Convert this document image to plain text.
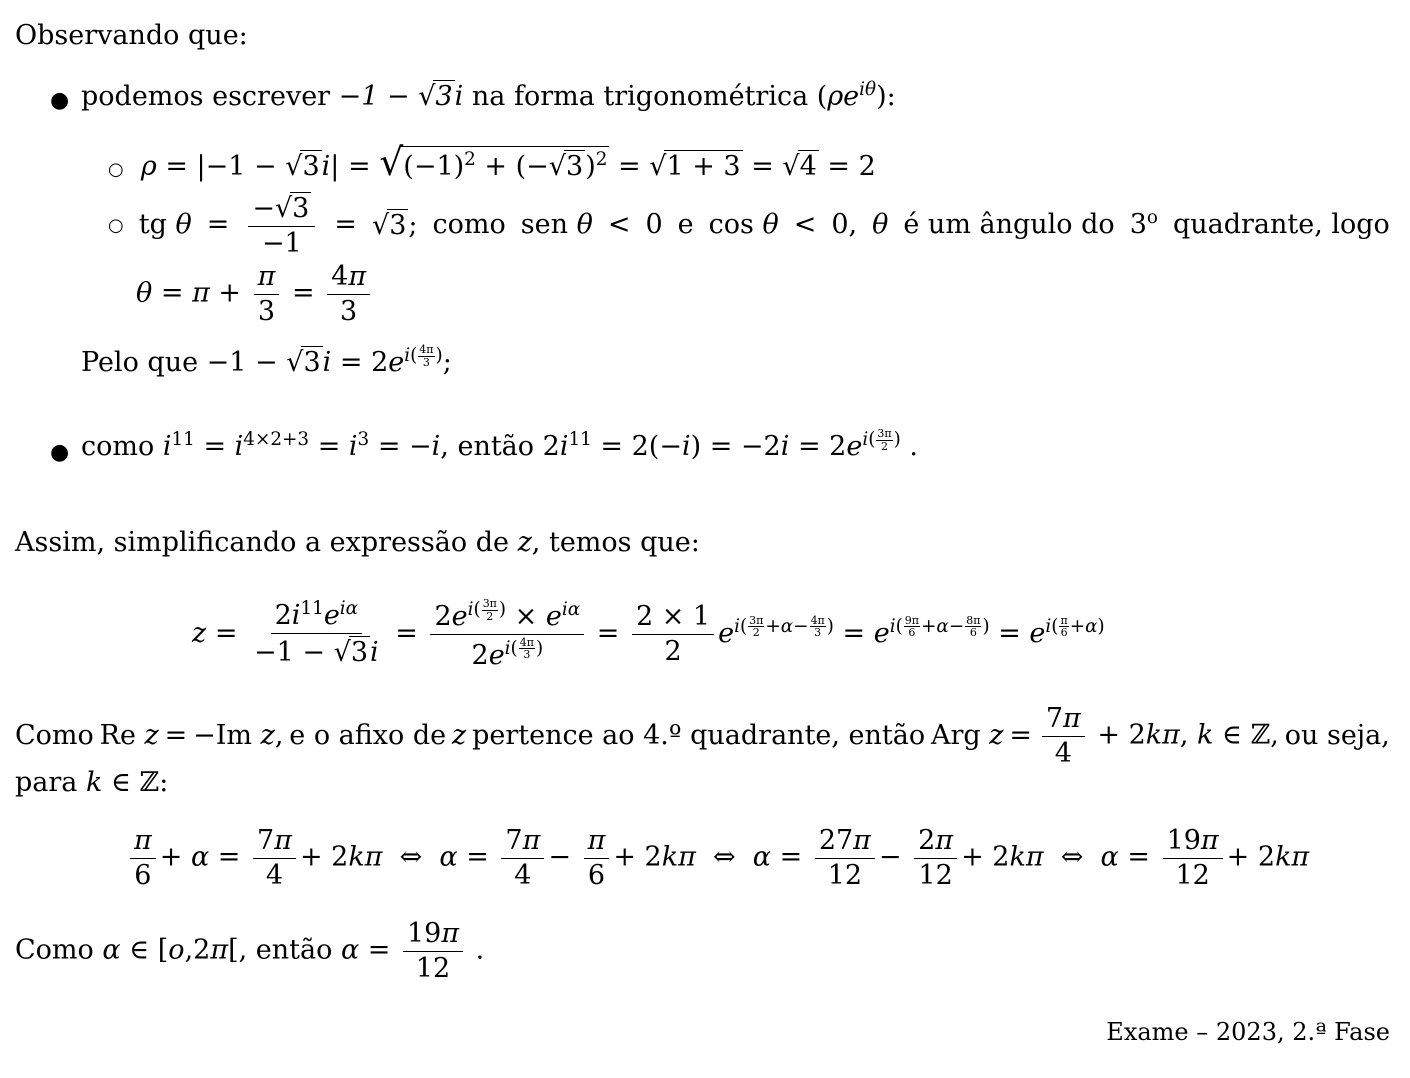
Observando que:
● podemos escrever −1 − √3i na forma trigonométrica $(\rho e^{i\theta})$:
○ $\rho = |-1 - √3i| = √(-1)^2 + (-√3)^2 = √1 + 3 = √4 = 2$
○ tg $\theta = \frac{-√3}{-1} = √3$; como sen θ < 0 e cos θ < 0, θ é um ângulo do 3$^o$ quadrante, logo
$\theta = \pi + \frac{\pi}{3} = \frac{4\pi}{3}$
Pelo que $-1 - √3i = 2e^{i( \frac{4\pi}{3} )}$;
● como $i^{11} = i^{4\times 2+3} = i^3 = -i$, então $2i^{11} = 2(-i) = -2i = 2e^{i( \frac{3\pi}{2} )}$ .
Assim, simplificando a expressão de z, temos que:
$z = \frac{2i^{11}e^{i\alpha}}{-1 - √3i} = 2e^{i( \frac{3\pi}{2} )} \times e^{i\alpha}$
$2e^{i( \frac{4\pi}{3} )} = \frac{2 \times 1}{2} e^{i( \frac{3\pi}{2} +\alpha- \frac{4\pi}{3} )} = e^{i( \frac{9\pi}{6} +\alpha- \frac{8\pi}{6} )} = e^{i( \frac{\pi}{6} +\alpha)}$
Como Re z = −Im z, e o afixo de z pertence ao 4.º quadrante, então Arg $z = \frac{7\pi}{4} + 2k\pi$, k ∈ ℤ, ou seja,
para k ∈ ℤ:
$\frac{\pi}{6} + \alpha = \frac{7\pi}{4} + 2k\pi$  ⇔  $\alpha = \frac{7\pi}{4} - \frac{\pi}{6} + 2k\pi$  ⇔  $\alpha = \frac{27\pi}{12} - \frac{2\pi}{12} + 2k\pi$  ⇔  $\alpha = \frac{19\pi}{12} + 2k\pi$
Como α ∈ [o,2π[, então $\alpha = \frac{19\pi}{12}$ .
Exame – 2023, 2.ª Fase
